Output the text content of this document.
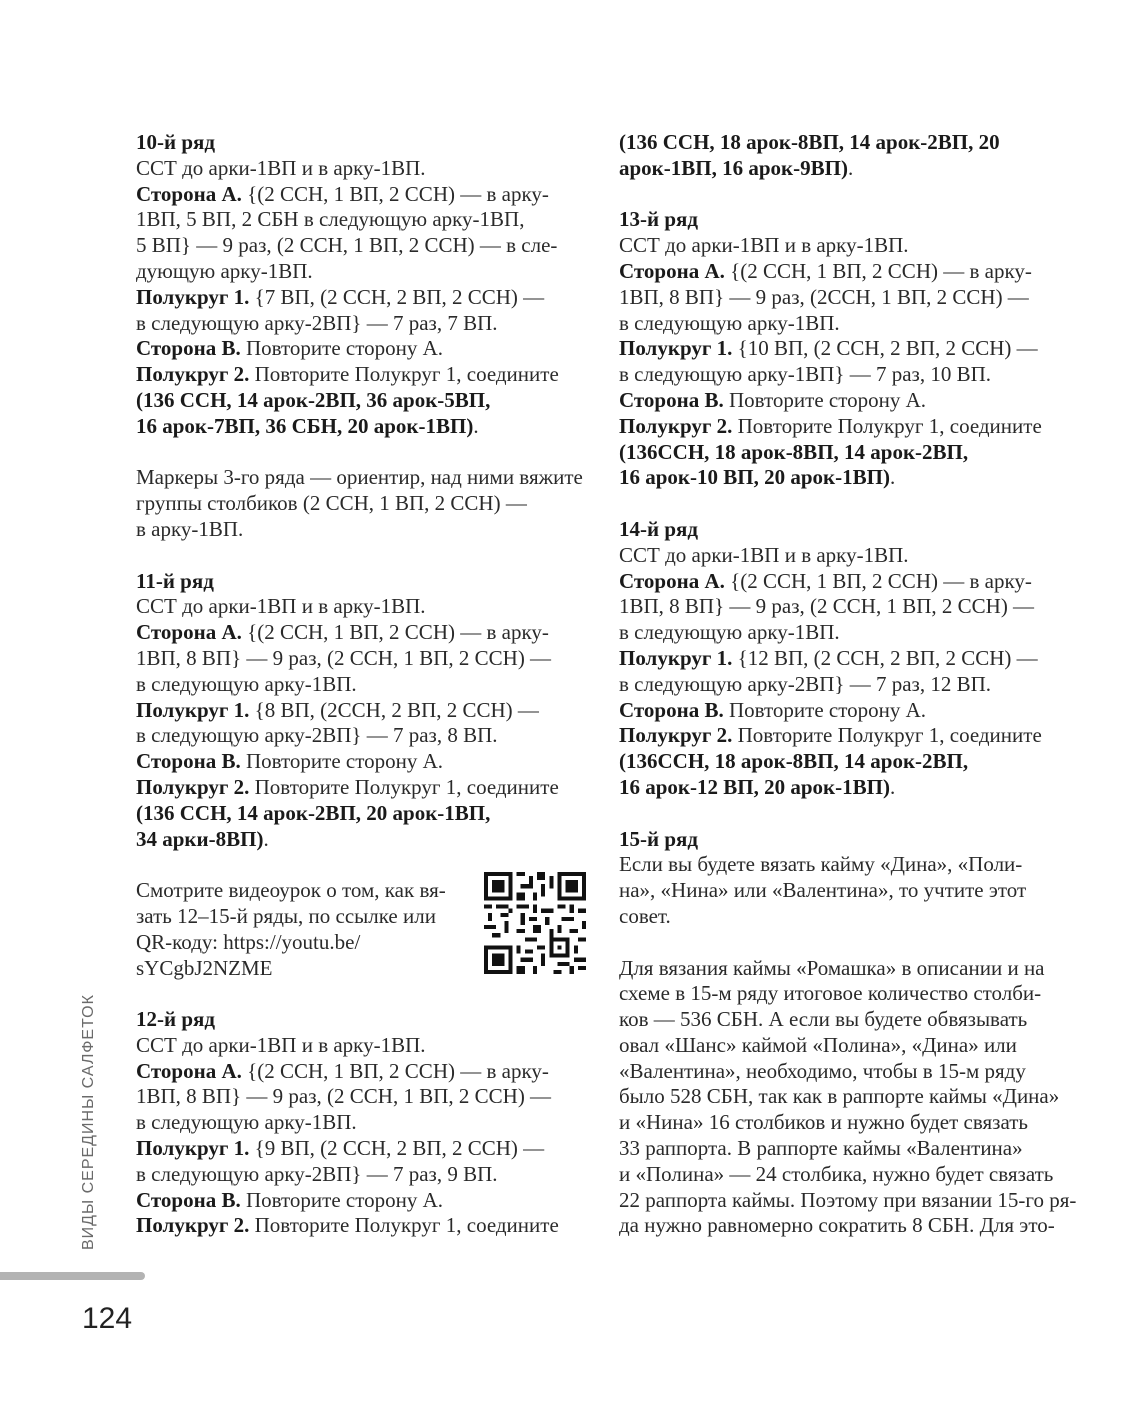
10-й ряд
ССТ до арки-1ВП и в арку-1ВП.
Сторона А. {(2 ССН, 1 ВП, 2 ССН) — в арку-
1ВП, 5 ВП, 2 СБН в следующую арку-1ВП,
5 ВП} — 9 раз, (2 ССН, 1 ВП, 2 ССН) — в сле-
дующую арку-1ВП.
Полукруг 1. {7 ВП, (2 ССН, 2 ВП, 2 ССН) —
в следующую арку-2ВП} — 7 раз, 7 ВП.
Сторона В. Повторите сторону А.
Полукруг 2. Повторите Полукруг 1, соедините
(136 ССН, 14 арок-2ВП, 36 арок-5ВП,
16 арок-7ВП, 36 СБН, 20 арок-1ВП).
Маркеры 3-го ряда — ориентир, над ними вяжите
группы столбиков (2 ССН, 1 ВП, 2 ССН) —
в арку-1ВП.
11-й ряд
ССТ до арки-1ВП и в арку-1ВП.
Сторона А. {(2 ССН, 1 ВП, 2 ССН) — в арку-
1ВП, 8 ВП} — 9 раз, (2 ССН, 1 ВП, 2 ССН) —
в следующую арку-1ВП.
Полукруг 1. {8 ВП, (2ССН, 2 ВП, 2 ССН) —
в следующую арку-2ВП} — 7 раз, 8 ВП.
Сторона В. Повторите сторону А.
Полукруг 2. Повторите Полукруг 1, соедините
(136 ССН, 14 арок-2ВП, 20 арок-1ВП,
34 арки-8ВП).
Смотрите видеоурок о том, как вя-
зать 12–15-й ряды, по ссылке или
QR-коду: https://youtu.be/
sYCgbJ2NZME
12-й ряд
ССТ до арки-1ВП и в арку-1ВП.
Сторона А. {(2 ССН, 1 ВП, 2 ССН) — в арку-
1ВП, 8 ВП} — 9 раз, (2 ССН, 1 ВП, 2 ССН) —
в следующую арку-1ВП.
Полукруг 1. {9 ВП, (2 ССН, 2 ВП, 2 ССН) —
в следующую арку-2ВП} — 7 раз, 9 ВП.
Сторона В. Повторите сторону А.
Полукруг 2. Повторите Полукруг 1, соедините
(136 ССН, 18 арок-8ВП, 14 арок-2ВП, 20
арок-1ВП, 16 арок-9ВП).
13-й ряд
ССТ до арки-1ВП и в арку-1ВП.
Сторона А. {(2 ССН, 1 ВП, 2 ССН) — в арку-
1ВП, 8 ВП} — 9 раз, (2ССН, 1 ВП, 2 ССН) —
в следующую арку-1ВП.
Полукруг 1. {10 ВП, (2 ССН, 2 ВП, 2 ССН) —
в следующую арку-1ВП} — 7 раз, 10 ВП.
Сторона В. Повторите сторону А.
Полукруг 2. Повторите Полукруг 1, соедините
(136ССН, 18 арок-8ВП, 14 арок-2ВП,
16 арок-10 ВП, 20 арок-1ВП).
14-й ряд
ССТ до арки-1ВП и в арку-1ВП.
Сторона А. {(2 ССН, 1 ВП, 2 ССН) — в арку-
1ВП, 8 ВП} — 9 раз, (2 ССН, 1 ВП, 2 ССН) —
в следующую арку-1ВП.
Полукруг 1. {12 ВП, (2 ССН, 2 ВП, 2 ССН) —
в следующую арку-2ВП} — 7 раз, 12 ВП.
Сторона В. Повторите сторону А.
Полукруг 2. Повторите Полукруг 1, соедините
(136ССН, 18 арок-8ВП, 14 арок-2ВП,
16 арок-12 ВП, 20 арок-1ВП).
15-й ряд
Если вы будете вязать кайму «Дина», «Поли-
на», «Нина» или «Валентина», то учтите этот
совет.
Для вязания каймы «Ромашка» в описании и на
схеме в 15-м ряду итоговое количество столби-
ков — 536 СБН. А если вы будете обвязывать
овал «Шанс» каймой «Полина», «Дина» или
«Валентина», необходимо, чтобы в 15-м ряду
было 528 СБН, так как в раппорте каймы «Дина»
и «Нина» 16 столбиков и нужно будет связать
33 раппорта. В раппорте каймы «Валентина»
и «Полина» — 24 столбика, нужно будет связать
22 раппорта каймы. Поэтому при вязании 15-го ря-
да нужно равномерно сократить 8 СБН. Для это-
ВИДЫ СЕРЕДИНЫ САЛФЕТОК
124
